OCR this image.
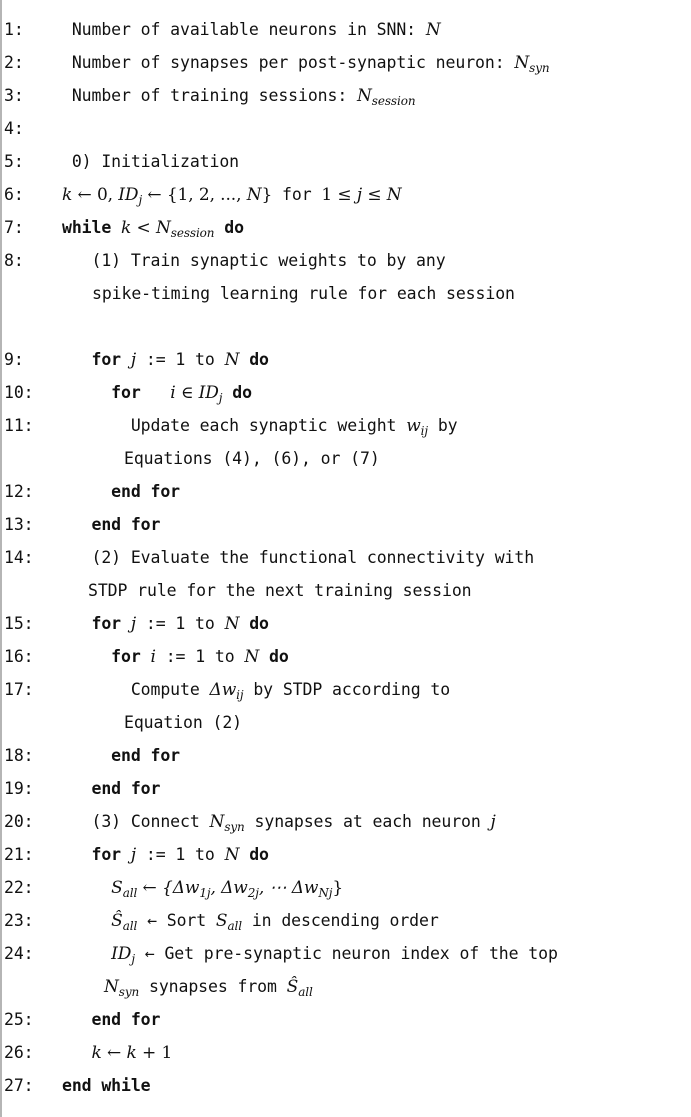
1: Number of available neurons in SNN: N
2: Number of synapses per post-synaptic neuron: $N_{syn}$
3: Number of training sessions: $N_{session}$
4:
5: 0) Initialization
6: k ← 0, $ID_j$ ← {1, 2, ..., N} for 1 ≤ j ≤ N
7: while $k < N_{session}$ do
8:	(1) Train synaptic weights to by any
spike-timing learning rule for each session
9:	for j := 1 to N do
10:	for i ∈ $ID_j$ do
11:	Update each synaptic weight $w_{ij}$ by
Equations (4), (6), or (7)
12:	end for
13:	end for
14:	(2) Evaluate the functional connectivity with
STDP rule for the next training session
15:	for j := 1 to N do
16:	for i := 1 to N do
17:	Compute $\Delta w_{ij}$ by STDP according to
Equation (2)
18:	end for
19:	end for
20:	(3) Connect $N_{syn}$ synapses at each neuron j
21:	for j := 1 to N do
22:	$S_{all}$ ← {$\Delta w_{1j}$, $\Delta w_{2j}$, ⋯ $\Delta w_{Nj}$}
23:	$Ŝ_{all}$ ← Sort $S_{all}$ in descending order
24:	$ID_j$ ← Get pre-synaptic neuron index of the top
$N_{syn}$ synapses from $Ŝ_{all}$
25:	end for
26:	k ← k + 1
27: end while
